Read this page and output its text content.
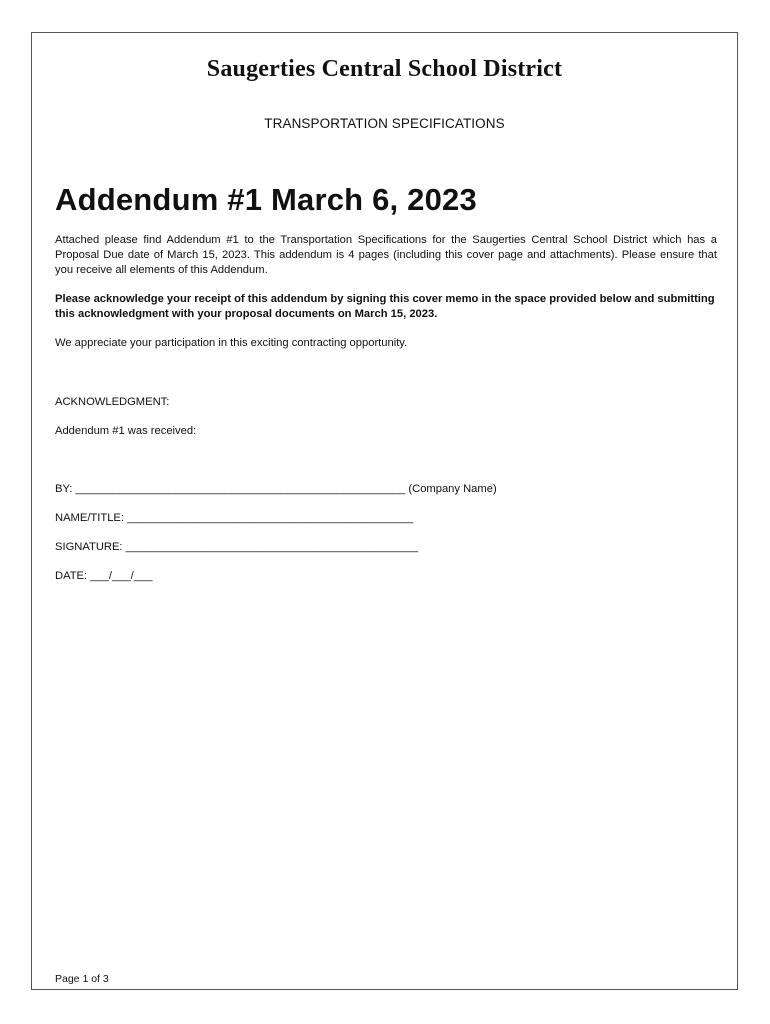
Saugerties Central School District
TRANSPORTATION SPECIFICATIONS
Addendum #1 March 6, 2023
Attached please find Addendum #1 to the Transportation Specifications for the Saugerties Central School District which has a Proposal Due date of March 15, 2023. This addendum is 4 pages (including this cover page and attachments). Please ensure that you receive all elements of this Addendum.
Please acknowledge your receipt of this addendum by signing this cover memo in the space provided below and submitting this acknowledgment with your proposal documents on March 15, 2023.
We appreciate your participation in this exciting contracting opportunity.
ACKNOWLEDGMENT:
Addendum #1 was received:
BY: _____________________________________________________ (Company Name)
NAME/TITLE: ______________________________________________
SIGNATURE: _______________________________________________
DATE: ___/___/___
Page 1 of 3
